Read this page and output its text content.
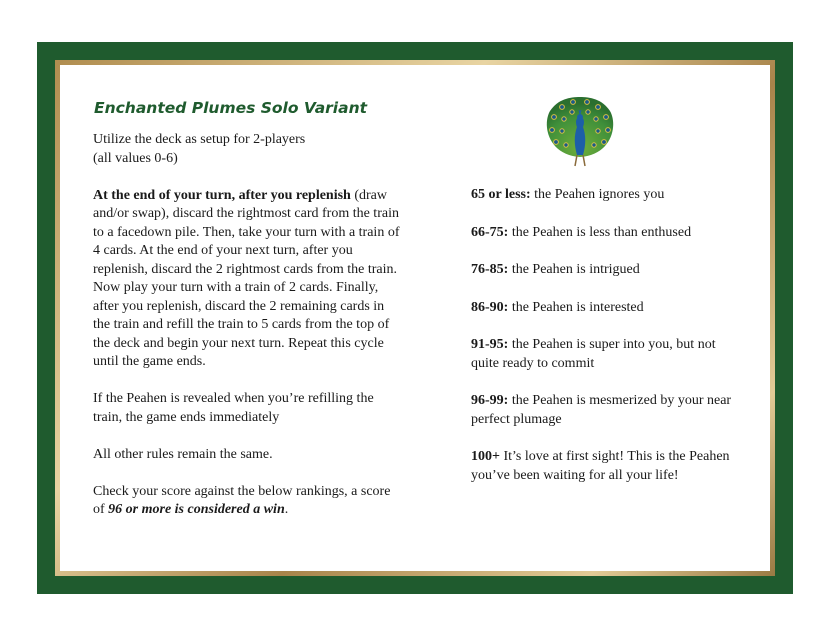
Enchanted Plumes Solo Variant

Utilize the deck as setup for 2-players

(all values 0-6)

At the end of your turn, after you replenish (draw and/or swap), discard the rightmost card from the train to a facedown pile. Then, take your turn with a train of 4 cards. At the end of your next turn, after you replenish, discard the 2 rightmost cards from the train. Now play your turn with a train of 2 cards. Finally, after you replenish, discard the 2 remaining cards in the train and refill the train to 5 cards from the top of the deck and begin your next turn. Repeat this cycle until the game ends.

If the Peahen is revealed when you’re refilling the train, the game ends immediately

All other rules remain the same.

Check your score against the below rankings, a score of 96 or more is considered a win.

65 or less: the Peahen ignores you

66-75: the Peahen is less than enthused

76-85: the Peahen is intrigued

86-90: the Peahen is interested

91-95: the Peahen is super into you, but not quite ready to commit

96-99: the Peahen is mesmerized by your near perfect plumage

100+ It’s love at first sight! This is the Peahen you’ve been waiting for all your life!
